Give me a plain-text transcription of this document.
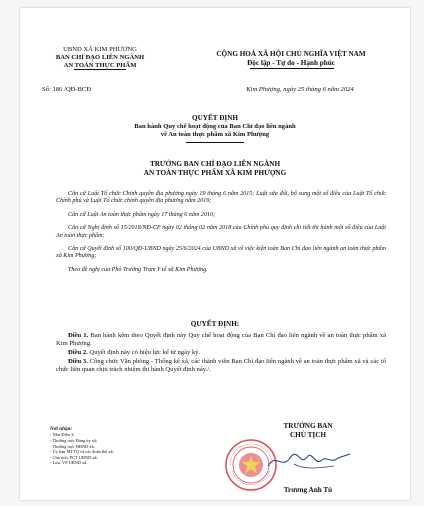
UBND XÃ KIM PHƯỢNG

BAN CHỈ ĐẠO LIÊN NGÀNH

AN TOÀN THỰC PHẨM

Số: 186 /QĐ-BCĐ

CỘNG HOÀ XÃ HỘI CHỦ NGHĨA VIỆT NAM

Độc lập - Tự do - Hạnh phúc

Kim Phượng, ngày 25 tháng 6 năm 2024

QUYẾT ĐỊNH

Ban hành Quy chế hoạt động của Ban Chỉ đạo liên ngành

về An toàn thực phẩm xã Kim Phượng

TRƯỞNG BAN CHỈ ĐẠO LIÊN NGÀNH

AN TOÀN THỰC PHẨM XÃ KIM PHƯỢNG

Căn cứ Luật Tổ chức Chính quyền địa phương ngày 19 tháng 6 năm 2015; Luật sửa đổi, bổ sung một số điều của Luật Tổ chức Chính phủ và Luật Tổ chức chính quyền địa phương năm 2019;

Căn cứ Luật An toàn thực phẩm ngày 17 tháng 6 năm 2010;

Căn cứ Nghị định số 15/2018/NĐ-CP ngày 02 tháng 02 năm 2018 của Chính phủ quy định chi tiết thi hành một số điều của Luật An toàn thực phẩm;

Căn cứ Quyết định số 100/QĐ-UBND ngày 25/6/2024 của UBND xã về việc kiện toàn Ban Chỉ đạo liên ngành an toàn thực phẩm xã Kim Phượng;

Theo đề nghị của Phó Trưởng Trạm Y tế xã Kim Phượng.

QUYẾT ĐỊNH:

Điều 1. Ban hành kèm theo Quyết định này Quy chế hoạt động của Ban Chỉ đạo liên ngành về an toàn thực phẩm xã Kim Phượng.

Điều 2. Quyết định này có hiệu lực kể từ ngày ký.

Điều 3. Công chức Văn phòng - Thống kê xã, các thành viên Ban Chỉ đạo liên ngành về an toàn thực phẩm xã và các tổ chức liên quan chịu trách nhiệm thi hành Quyết định này./.

Nơi nhận:

- Như Điều 3;
- Thường trực Đảng ủy xã;
- Thường trực HĐND xã;
- Ủy ban MTTQ và các đoàn thể xã;
- Chủ tịch, PCT UBND xã;
- Lưu: VP UBND xã.

TRƯỞNG BAN

CHỦ TỊCH

Trương Anh Tú
